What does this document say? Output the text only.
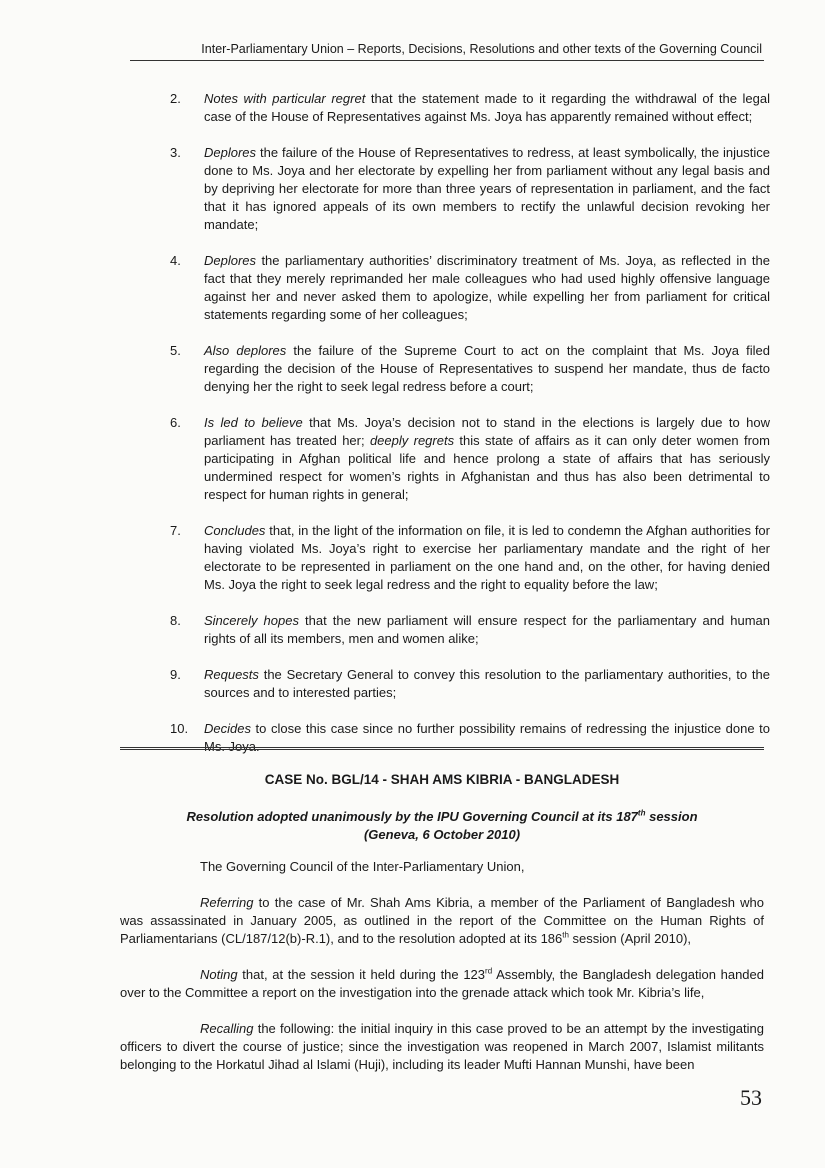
Inter-Parliamentary Union – Reports, Decisions, Resolutions and other texts of the Governing Council
2. Notes with particular regret that the statement made to it regarding the withdrawal of the legal case of the House of Representatives against Ms. Joya has apparently remained without effect;
3. Deplores the failure of the House of Representatives to redress, at least symbolically, the injustice done to Ms. Joya and her electorate by expelling her from parliament without any legal basis and by depriving her electorate for more than three years of representation in parliament, and the fact that it has ignored appeals of its own members to rectify the unlawful decision revoking her mandate;
4. Deplores the parliamentary authorities’ discriminatory treatment of Ms. Joya, as reflected in the fact that they merely reprimanded her male colleagues who had used highly offensive language against her and never asked them to apologize, while expelling her from parliament for critical statements regarding some of her colleagues;
5. Also deplores the failure of the Supreme Court to act on the complaint that Ms. Joya filed regarding the decision of the House of Representatives to suspend her mandate, thus de facto denying her the right to seek legal redress before a court;
6. Is led to believe that Ms. Joya’s decision not to stand in the elections is largely due to how parliament has treated her; deeply regrets this state of affairs as it can only deter women from participating in Afghan political life and hence prolong a state of affairs that has seriously undermined respect for women’s rights in Afghanistan and thus has also been detrimental to respect for human rights in general;
7. Concludes that, in the light of the information on file, it is led to condemn the Afghan authorities for having violated Ms. Joya’s right to exercise her parliamentary mandate and the right of her electorate to be represented in parliament on the one hand and, on the other, for having denied Ms. Joya the right to seek legal redress and the right to equality before the law;
8. Sincerely hopes that the new parliament will ensure respect for the parliamentary and human rights of all its members, men and women alike;
9. Requests the Secretary General to convey this resolution to the parliamentary authorities, to the sources and to interested parties;
10. Decides to close this case since no further possibility remains of redressing the injustice done to Ms. Joya.
CASE No. BGL/14 - SHAH AMS KIBRIA - BANGLADESH
Resolution adopted unanimously by the IPU Governing Council at its 187th session
(Geneva, 6 October 2010)

The Governing Council of the Inter-Parliamentary Union,

Referring to the case of Mr. Shah Ams Kibria, a member of the Parliament of Bangladesh who was assassinated in January 2005, as outlined in the report of the Committee on the Human Rights of Parliamentarians (CL/187/12(b)-R.1), and to the resolution adopted at its 186th session (April 2010),

Noting that, at the session it held during the 123rd Assembly, the Bangladesh delegation handed over to the Committee a report on the investigation into the grenade attack which took Mr. Kibria’s life,

Recalling the following: the initial inquiry in this case proved to be an attempt by the investigating officers to divert the course of justice; since the investigation was reopened in March 2007, Islamist militants belonging to the Horkatul Jihad al Islami (Huji), including its leader Mufti Hannan Munshi, have been

53
